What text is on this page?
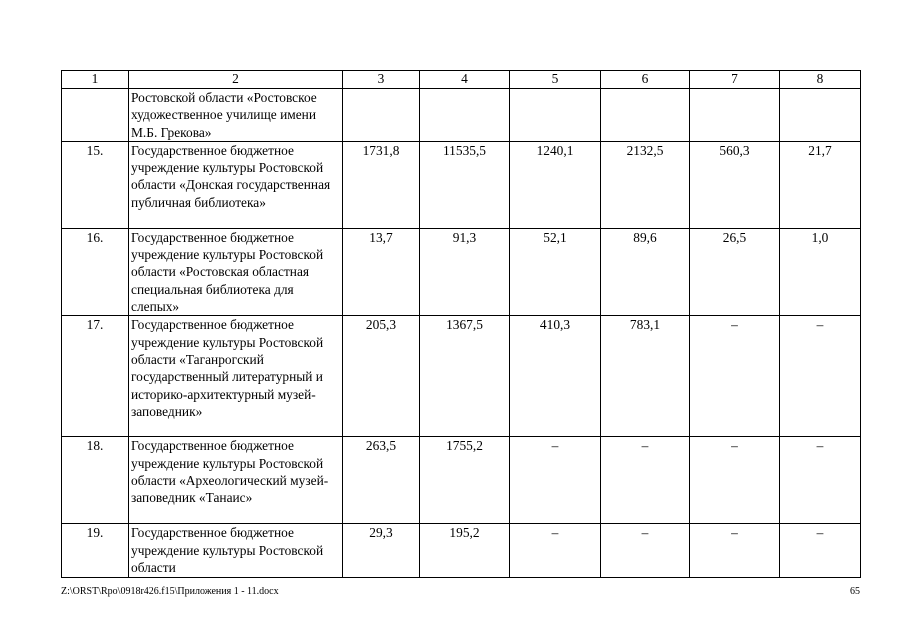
1	2	3	4	5	6	7	8
	Ростовской области «Ростовское художественное училище имени М.Б. Грекова»						
15.	Государственное бюджетное учреждение культуры Ростовской области «Донская государственная публичная библиотека»	1731,8	11535,5	1240,1	2132,5	560,3	21,7
16.	Государственное бюджетное учреждение культуры Ростовской области «Ростовская областная специальная библиотека для слепых»	13,7	91,3	52,1	89,6	26,5	1,0
17.	Государственное бюджетное учреждение культуры Ростовской области «Таганрогский государственный литературный и историко-архитектурный музей-заповедник»	205,3	1367,5	410,3	783,1	–	–
18.	Государственное бюджетное учреждение культуры Ростовской области «Археологический музей-заповедник «Танаис»	263,5	1755,2	–	–	–	–
19.	Государственное бюджетное учреждение культуры Ростовской области	29,3	195,2	–	–	–	–
Z:\ORST\Rpo\0918r426.f15\Приложения 1 - 11.docx	65
